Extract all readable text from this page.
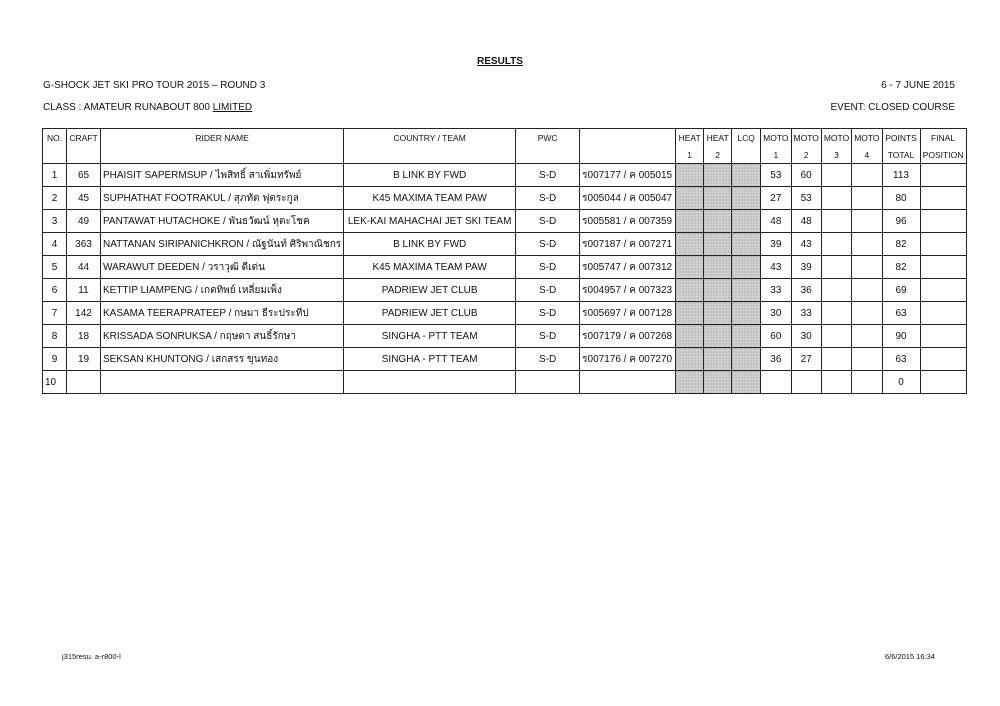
RESULTS
G-SHOCK JET SKI PRO TOUR 2015 – ROUND 3	6 - 7 JUNE 2015
CLASS : AMATEUR RUNABOUT 800 LIMITED	EVENT: CLOSED COURSE
NO.	CRAFT	RIDER NAME	COUNTRY / TEAM	PWC		HEAT	HEAT	LCQ	MOTO	MOTO	MOTO	MOTO	POINTS	FINAL
						1	2		1	2	3	4	TOTAL	POSITION
1	65	PHAISIT SAPERMSUP / ไพสิทธิ์ สาเพิ่มทรัพย์	B LINK BY FWD	S-D	ร007177 / ค 005015				53	60			113	
2	45	SUPHATHAT FOOTRAKUL / สุภทัต ฟุตระกูล	K45 MAXIMA TEAM PAW	S-D	ร005044 / ค 005047				27	53			80	
3	49	PANTAWAT HUTACHOKE / พันธวัฒน์ หุตะโชค	LEK-KAI MAHACHAI JET SKI TEAM	S-D	ร005581 / ค 007359				48	48			96	
4	363	NATTANAN SIRIPANICHKRON / ณัฐนันท์ ศิริพาณิชกร	B LINK BY FWD	S-D	ร007187 / ค 007271				39	43			82	
5	44	WARAWUT DEEDEN / วราวุฒิ ดีเด่น	K45 MAXIMA TEAM PAW	S-D	ร005747 / ค 007312				43	39			82	
6	11	KETTIP LIAMPENG / เกตทิพย์ เหลี่ยมเพ็ง	PADRIEW JET CLUB	S-D	ร004957 / ค 007323				33	36			69	
7	142	KASAMA TEERAPRATEEP / กษมา ธีระประทีป	PADRIEW JET CLUB	S-D	ร005697 / ค 007128				30	33			63	
8	18	KRISSADA SONRUKSA / กฤษดา สนธิ์รักษา	SINGHA - PTT TEAM	S-D	ร007179 / ค 007268				60	30			90	
9	19	SEKSAN KHUNTONG / เสกสรร ขุนทอง	SINGHA - PTT TEAM	S-D	ร007176 / ค 007270				36	27			63	
10													0	
j315resu. a-r800-l	6/6/2015 16:34
